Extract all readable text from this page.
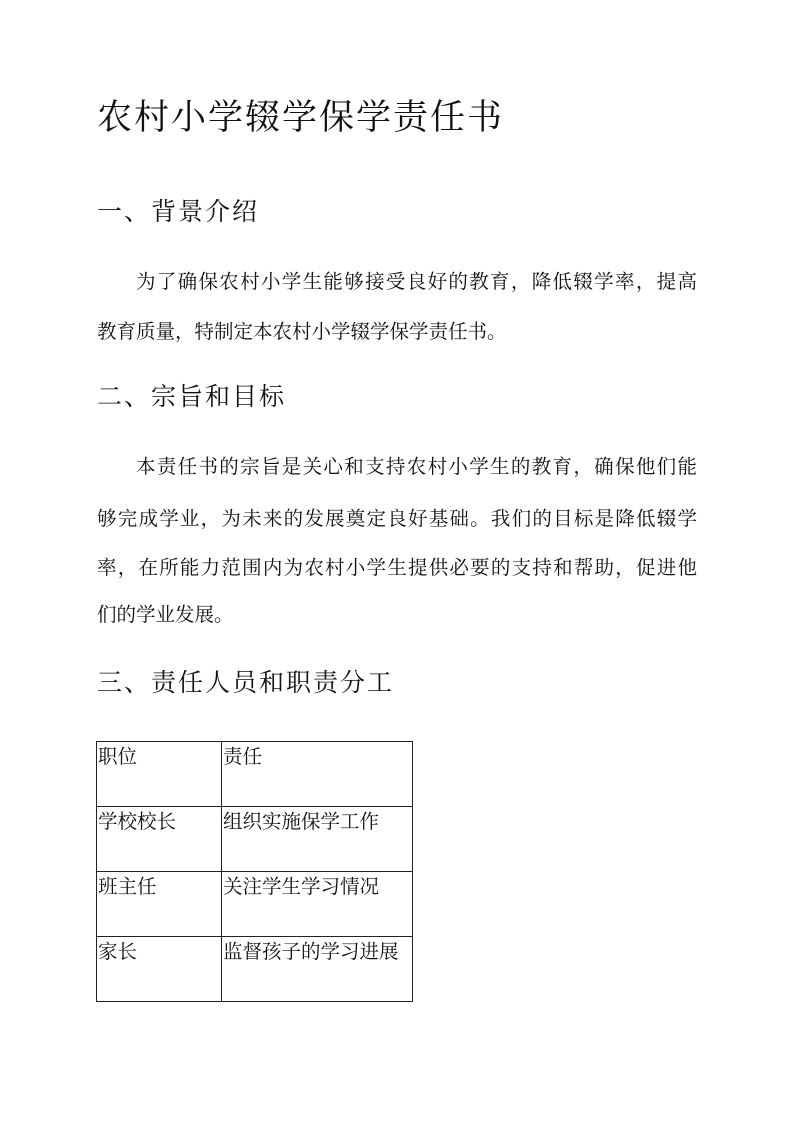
农村小学辍学保学责任书
一、背景介绍

为了确保农村小学生能够接受良好的教育，降低辍学率，提高

教育质量，特制定本农村小学辍学保学责任书。

二、宗旨和目标

本责任书的宗旨是关心和支持农村小学生的教育，确保他们能

够完成学业，为未来的发展奠定良好基础。我们的目标是降低辍学

率，在所能力范围内为农村小学生提供必要的支持和帮助，促进他

们的学业发展。

三、责任人员和职责分工
职位	责任
学校校长	组织实施保学工作
班主任	关注学生学习情况
家长	监督孩子的学习进展
